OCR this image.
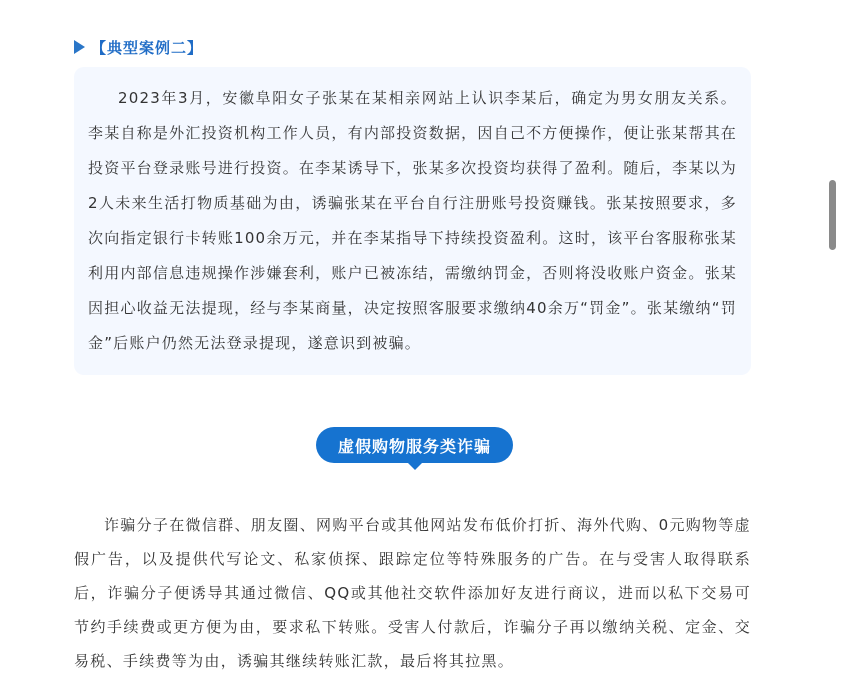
【典型案例二】

2023年3月，安徽阜阳女子张某在某相亲网站上认识李某后，确定为男女朋友关系。李某自称是外汇投资机构工作人员，有内部投资数据，因自己不方便操作，便让张某帮其在投资平台登录账号进行投资。在李某诱导下，张某多次投资均获得了盈利。随后，李某以为2人未来生活打物质基础为由，诱骗张某在平台自行注册账号投资赚钱。张某按照要求，多次向指定银行卡转账100余万元，并在李某指导下持续投资盈利。这时，该平台客服称张某利用内部信息违规操作涉嫌套利，账户已被冻结，需缴纳罚金，否则将没收账户资金。张某因担心收益无法提现，经与李某商量，决定按照客服要求缴纳40余万“罚金”。张某缴纳“罚金”后账户仍然无法登录提现，遂意识到被骗。

虚假购物服务类诈骗

诈骗分子在微信群、朋友圈、网购平台或其他网站发布低价打折、海外代购、0元购物等虚假广告，以及提供代写论文、私家侦探、跟踪定位等特殊服务的广告。在与受害人取得联系后，诈骗分子便诱导其通过微信、QQ或其他社交软件添加好友进行商议，进而以私下交易可节约手续费或更方便为由，要求私下转账。受害人付款后，诈骗分子再以缴纳关税、定金、交易税、手续费等为由，诱骗其继续转账汇款，最后将其拉黑。
